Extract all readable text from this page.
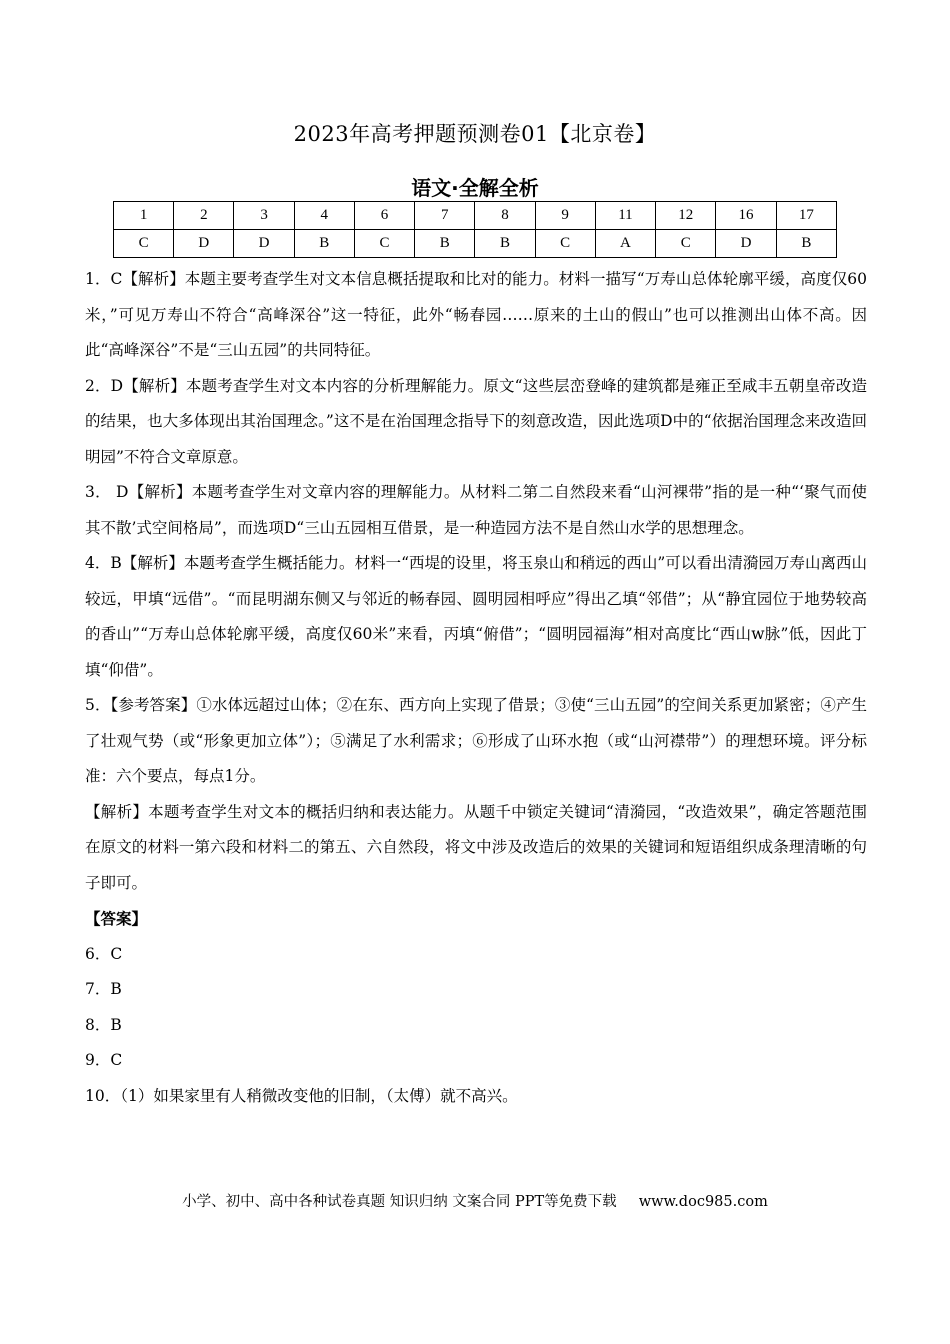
2023年高考押题预测卷01【北京卷】
语文·全解全析
1	2	3	4	6	7	8	9	11	12	16	17
C	D	D	B	C	B	B	C	A	C	D	B

1．C【解析】本题主要考查学生对文本信息概括提取和比对的能力。材料一描写“万寿山总体轮廓平缓，高度仅60米，”可见万寿山不符合“高峰深谷”这一特征，此外“畅春园……原来的土山的假山”也可以推测出山体不高。因此“高峰深谷”不是“三山五园”的共同特征。

2．D【解析】本题考查学生对文本内容的分析理解能力。原文“这些层峦登峰的建筑都是雍正至咸丰五朝皇帝改造的结果，也大多体现出其治国理念。”这不是在治国理念指导下的刻意改造，因此选项D中的“依据治国理念来改造回明园”不符合文章原意。

3． D【解析】本题考查学生对文章内容的理解能力。从材料二第二自然段来看“山河裸带”指的是一种“‘聚气而使其不散’式空间格局”，而选项D“三山五园相互借景，是一种造园方法不是自然山水学的思想理念。

4．B【解析】本题考查学生概括能力。材料一“西堤的设里，将玉泉山和稍远的西山”可以看出清漪园万寿山离西山较远，甲填“远借”。“而昆明湖东侧又与邻近的畅春园、圆明园相呼应”得出乙填“邻借”；从“静宜园位于地势较高的香山”“万寿山总体轮廓平缓，高度仅60米”来看，丙填“俯借”；“圆明园福海”相对高度比“西山w脉”低，因此丁填“仰借”。

5．【参考答案】①水体远超过山体；②在东、西方向上实现了借景；③使“三山五园”的空间关系更加紧密；④产生了壮观气势（或“形象更加立体”）；⑤满足了水利需求；⑥形成了山环水抱（或“山河襟带”）的理想环境。评分标准：六个要点，每点1分。

【解析】本题考查学生对文本的概括归纳和表达能力。从题千中锁定关键词“清漪园，“改造效果”，确定答题范围在原文的材料一第六段和材料二的第五、六自然段，将文中涉及改造后的效果的关键词和短语组织成条理清晰的句子即可。

【答案】

6．C

7．B

8．B

9．C

10．（1）如果家里有人稍微改变他的旧制，（太傅）就不高兴。

小学、初中、高中各种试卷真题 知识归纳 文案合同 PPT等免费下载 www.doc985.com
